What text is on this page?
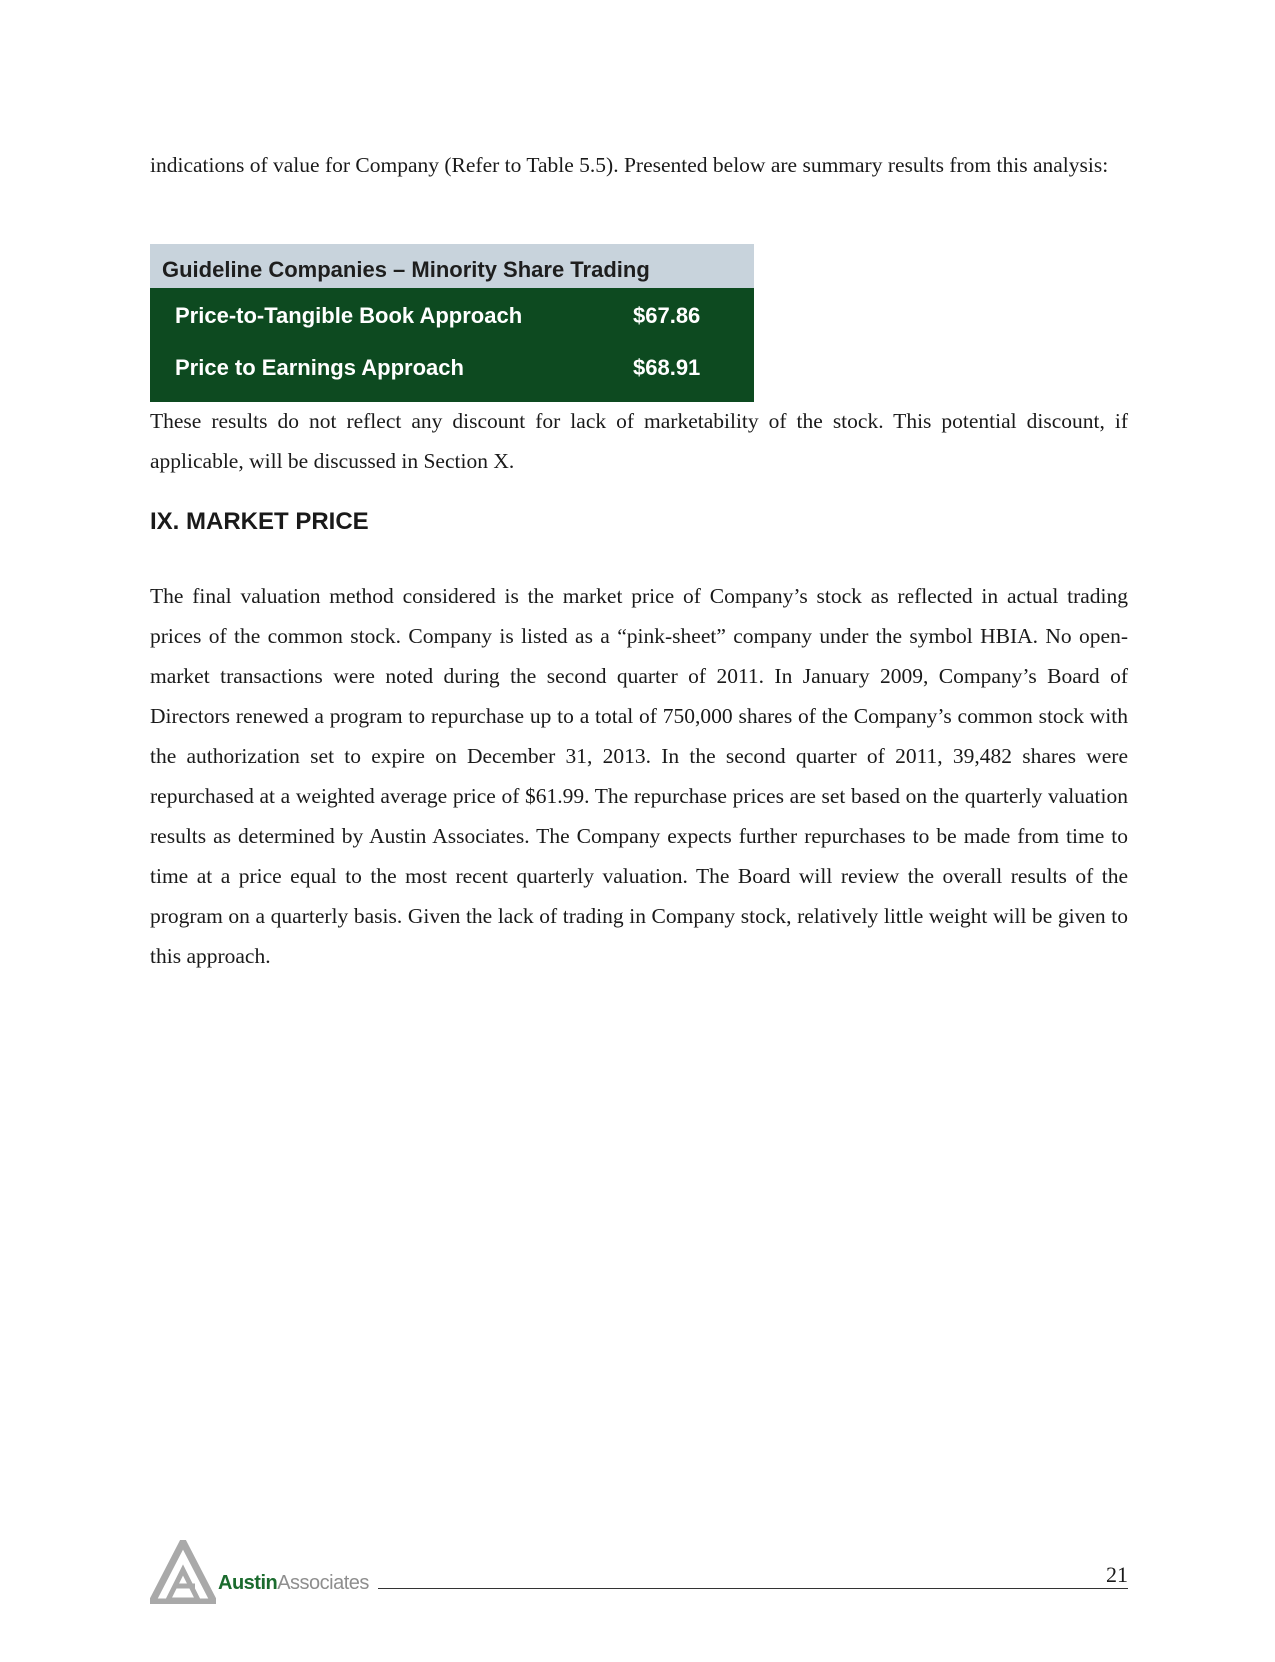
indications of value for Company (Refer to Table 5.5). Presented below are summary results from this analysis:

Guideline Companies – Minority Share Trading
Price-to-Tangible Book Approach	$67.86
Price to Earnings Approach	$68.91

These results do not reflect any discount for lack of marketability of the stock. This potential discount, if applicable, will be discussed in Section X.

IX. MARKET PRICE

The final valuation method considered is the market price of Company’s stock as reflected in actual trading prices of the common stock. Company is listed as a “pink-sheet” company under the symbol HBIA. No open-market transactions were noted during the second quarter of 2011. In January 2009, Company’s Board of Directors renewed a program to repurchase up to a total of 750,000 shares of the Company’s common stock with the authorization set to expire on December 31, 2013. In the second quarter of 2011, 39,482 shares were repurchased at a weighted average price of $61.99. The repurchase prices are set based on the quarterly valuation results as determined by Austin Associates. The Company expects further repurchases to be made from time to time at a price equal to the most recent quarterly valuation. The Board will review the overall results of the program on a quarterly basis. Given the lack of trading in Company stock, relatively little weight will be given to this approach.

AustinAssociates	21
